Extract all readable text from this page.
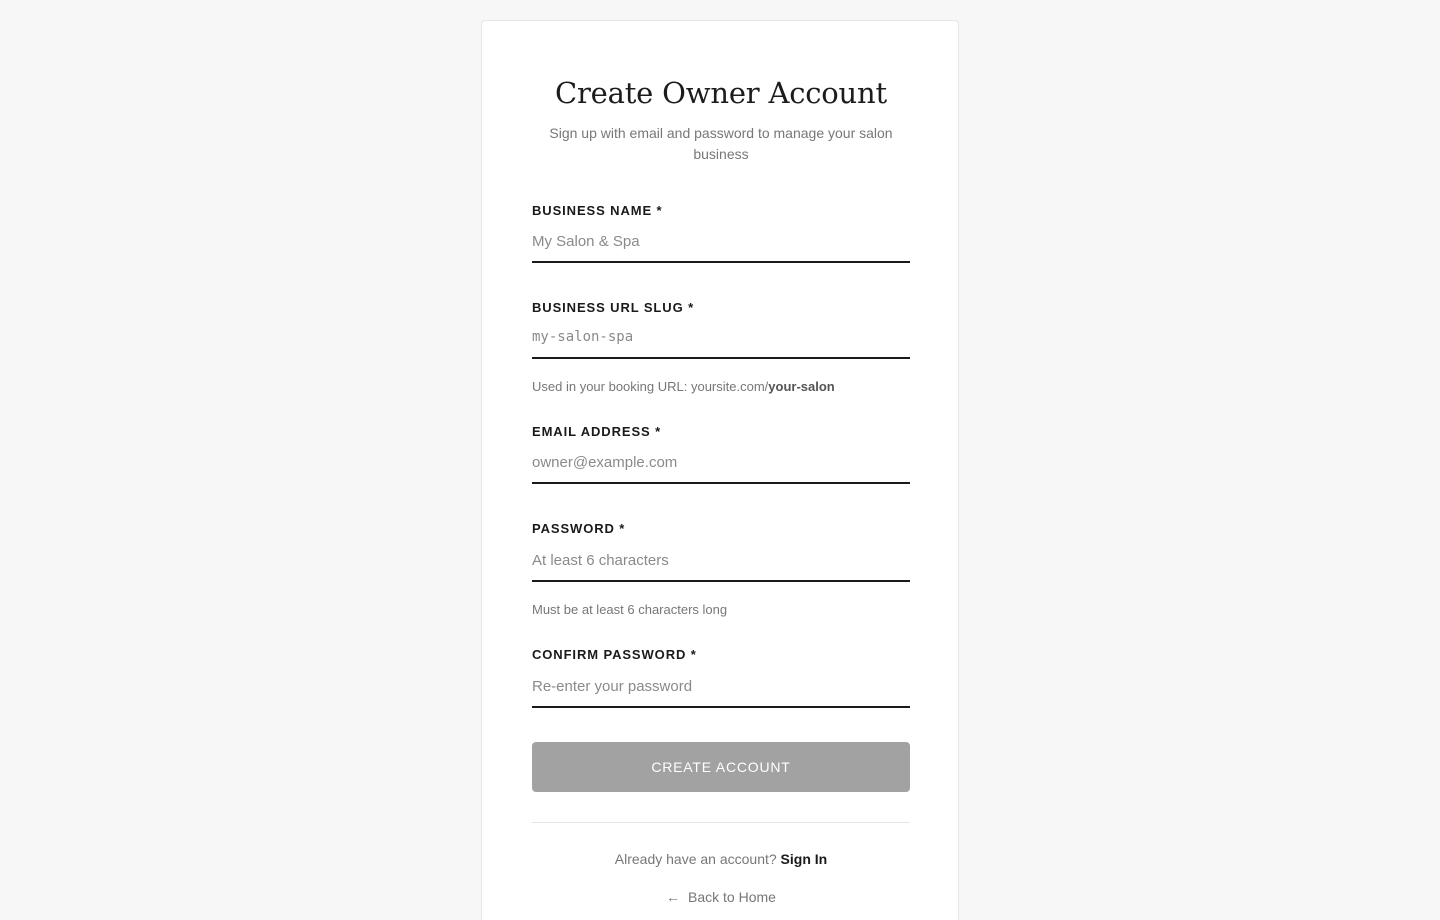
Create Owner Account

Sign up with email and password to manage your salon business

BUSINESS NAME *
My Salon & Spa
BUSINESS URL SLUG *
my-salon-spa
Used in your booking URL: yoursite.com/your-salon
EMAIL ADDRESS *
owner@example.com
PASSWORD *
Must be at least 6 characters long
CONFIRM PASSWORD *
CREATE ACCOUNT
Already have an account? Sign In
← Back to Home
